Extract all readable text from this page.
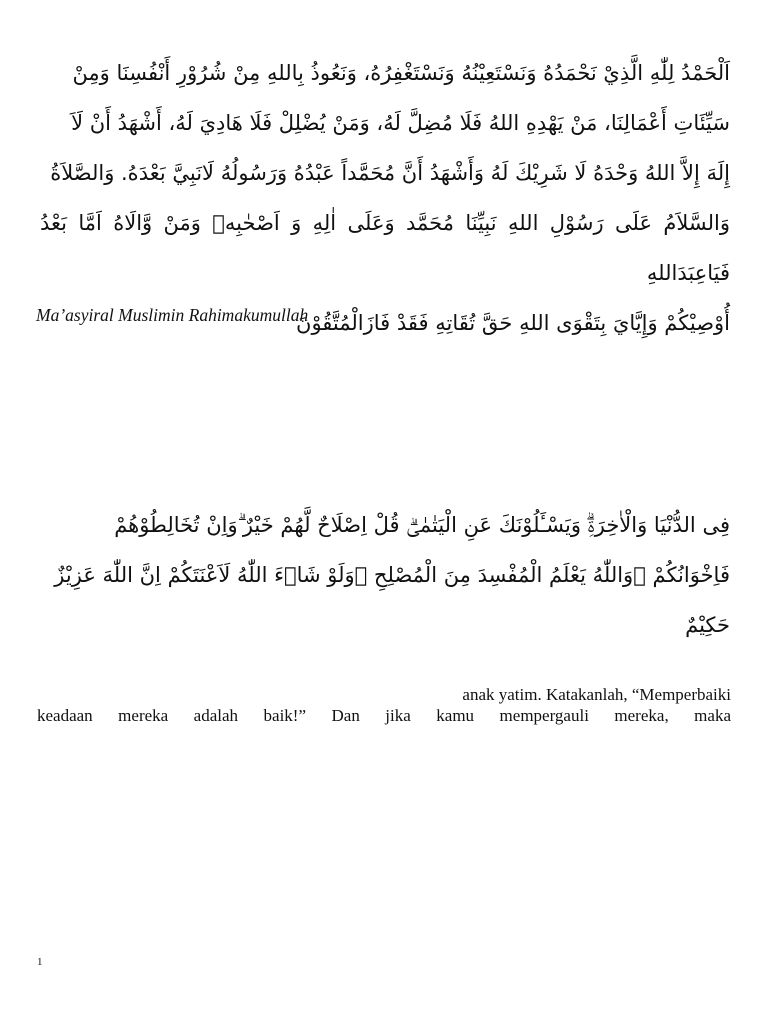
اَلْحَمْدُ لِلّٰهِ الَّذِيْ نَحْمَدُهُ وَنَسْتَعِيْنُهُ وَنَسْتَغْفِرُهُ، وَنَعُوذُ بِاللهِ مِنْ شُرُوْرِ أَنْفُسِنَا وَمِنْ

سَيِّئَاتِ أَعْمَالِنَا، مَنْ يَهْدِهِ اللهُ فَلَا مُضِلَّ لَهُ، وَمَنْ يُضْلِلْ فَلَا هَادِيَ لَهُ، أَشْهَدُ أَنْ لَاَ

إِلَهَ إِلاَّ اللهُ وَحْدَهُ لَا شَرِيْكَ لَهُ وَأَشْهَدُ أَنَّ مُحَمَّداً عَبْدُهُ وَرَسُولُهُ لَانَبِيَّ بَعْدَهُ. وَالصَّلاَةُ

وَالسَّلاَمُ عَلَى رَسُوْلِ اللهِ نَبِيِّنَا مُحَمَّد وَعَلَى اٰلِهِ وَ اَصْحٰبِهٖ وَمَنْ وَّالَاهُ اَمَّا بَعْدُ فَيَاعِبَدَاللهِ

أُوْصِيْكُمْ وَإِيَّايَ بِتَقْوَى اللهِ حَقَّ تُقَاتِهِ فَقَدْ فَازَالْمُتَّقُوْنَ

Ma’asyiral Muslimin Rahimakumullah

فِى الدُّنْيَا وَالْاٰخِرَةِۗ وَيَسْـَٔلُوْنَكَ عَنِ الْيَتٰمٰىۗ قُلْ اِصْلَاحٌ لَّهُمْ خَيْرٌ ۗوَاِنْ تُخَالِطُوْهُمْ

فَاِخْوَانُكُمْ ۗوَاللّٰهُ يَعْلَمُ الْمُفْسِدَ مِنَ الْمُصْلِحِ ۗوَلَوْ شَاۤءَ اللّٰهُ لَاَعْنَتَكُمْ اِنَّ اللّٰهَ عَزِيْزٌ

حَكِيْمٌ

anak yatim. Katakanlah, “Memperbaiki
keadaan mereka adalah baik!” Dan jika kamu mempergauli mereka, maka
1
